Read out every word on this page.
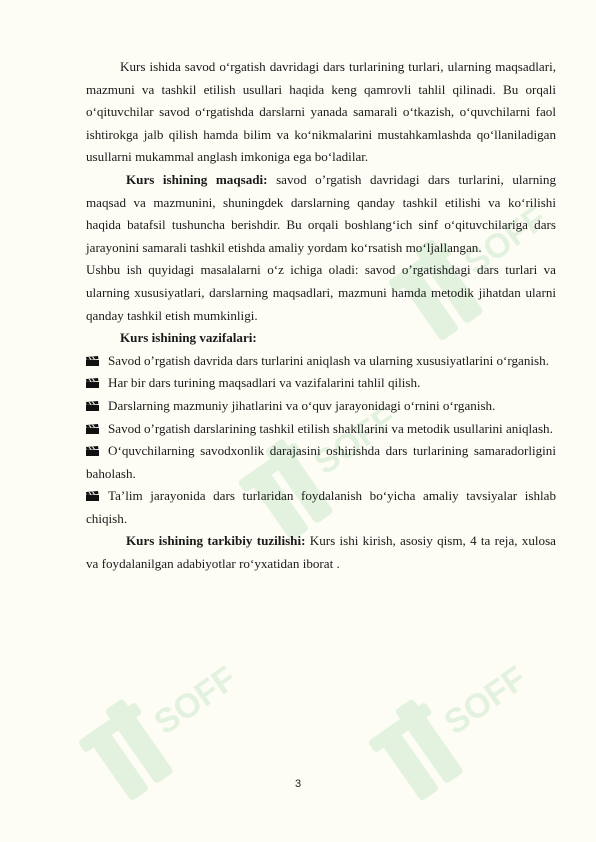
SOFF
SOFF
SOFF	SOFF

Kurs ishida savod o‘rgatish davridagi dars turlarining turlari, ularning maqsadlari, mazmuni va tashkil etilish usullari haqida keng qamrovli tahlil qilinadi. Bu orqali o‘qituvchilar savod o‘rgatishda darslarni yanada samarali o‘tkazish, o‘quvchilarni faol ishtirokga jalb qilish hamda bilim va ko‘nikmalarini mustahkamlashda qo‘llaniladigan usullarni mukammal anglash imkoniga ega bo‘ladilar.

Kurs ishining maqsadi: savod o’rgatish davridagi dars turlarini, ularning maqsad va mazmunini, shuningdek darslarning qanday tashkil etilishi va ko‘rilishi haqida batafsil tushuncha berishdir. Bu orqali boshlang‘ich sinf o‘qituvchilariga dars jarayonini samarali tashkil etishda amaliy yordam ko‘rsatish mo‘ljallangan.

Ushbu ish quyidagi masalalarni o‘z ichiga oladi: savod o’rgatishdagi dars turlari va ularning xususiyatlari, darslarning maqsadlari, mazmuni hamda metodik jihatdan ularni qanday tashkil etish mumkinligi.

Kurs ishining vazifalari:

Savod o’rgatish davrida dars turlarini aniqlash va ularning xususiyatlarini o‘rganish.

Har bir dars turining maqsadlari va vazifalarini tahlil qilish.

Darslarning mazmuniy jihatlarini va o‘quv jarayonidagi o‘rnini o‘rganish.

Savod o’rgatish darslarining tashkil etilish shakllarini va metodik usullarini aniqlash.

O‘quvchilarning savodxonlik darajasini oshirishda dars turlarining samaradorligini baholash.

Ta’lim jarayonida dars turlaridan foydalanish bo‘yicha amaliy tavsiyalar ishlab chiqish.

Kurs ishining tarkibiy tuzilishi: Kurs ishi kirish, asosiy qism, 4 ta reja, xulosa va foydalanilgan adabiyotlar ro‘yxatidan iborat .

3
